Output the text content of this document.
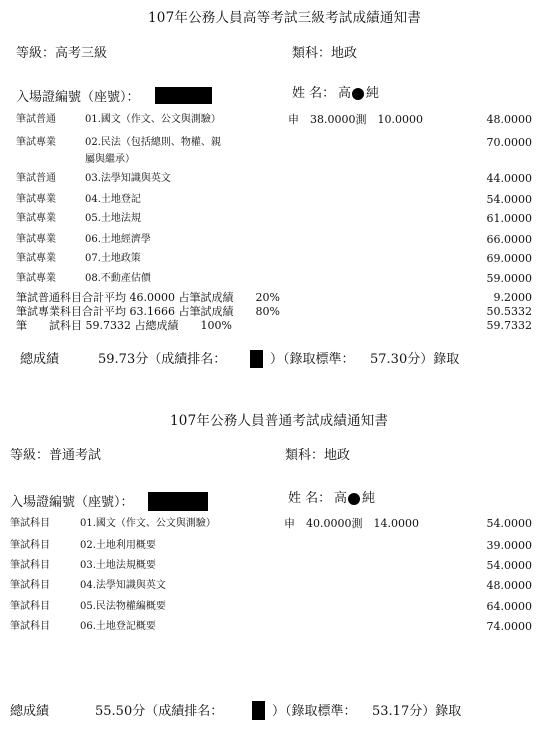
107年公務人員高等考試三級考試成績通知書
等級：高考三級	類科：地政
入場證編號（座號）：	姓 名： 高 純
筆試普通	01.國文（作文、公文與測驗）	申　38.0000測　10.0000	48.0000
筆試專業	02.民法（包括總則、物權、親	70.0000
屬與繼承）
筆試普通	03.法學知識與英文	44.0000
筆試專業	04.土地登記	54.0000
筆試專業	05.土地法規	61.0000
筆試專業	06.土地經濟學	66.0000
筆試專業	07.土地政策	69.0000
筆試專業	08.不動產估價	59.0000
筆試普通科目合計平均 46.0000 占筆試成績　　20%	9.2000
筆試專業科目合計平均 63.1666 占筆試成績　　80%	50.5332
筆　　試科目 59.7332 占總成績　　100%	59.7332
總成績	59.73分（成績排名：	）（錄取標準： 57.30分）錄取
107年公務人員普通考試成績通知書
等級：普通考試	類科：地政
入場證編號（座號）：	姓 名： 高 純
筆試科目	01.國文（作文、公文與測驗）	申　40.0000測　14.0000	54.0000
筆試科目	02.土地利用概要	39.0000
筆試科目	03.土地法規概要	54.0000
筆試科目	04.法學知識與英文	48.0000
筆試科目	05.民法物權編概要	64.0000
筆試科目	06.土地登記概要	74.0000
總成績	55.50分（成績排名：	）（錄取標準： 53.17分）錄取
